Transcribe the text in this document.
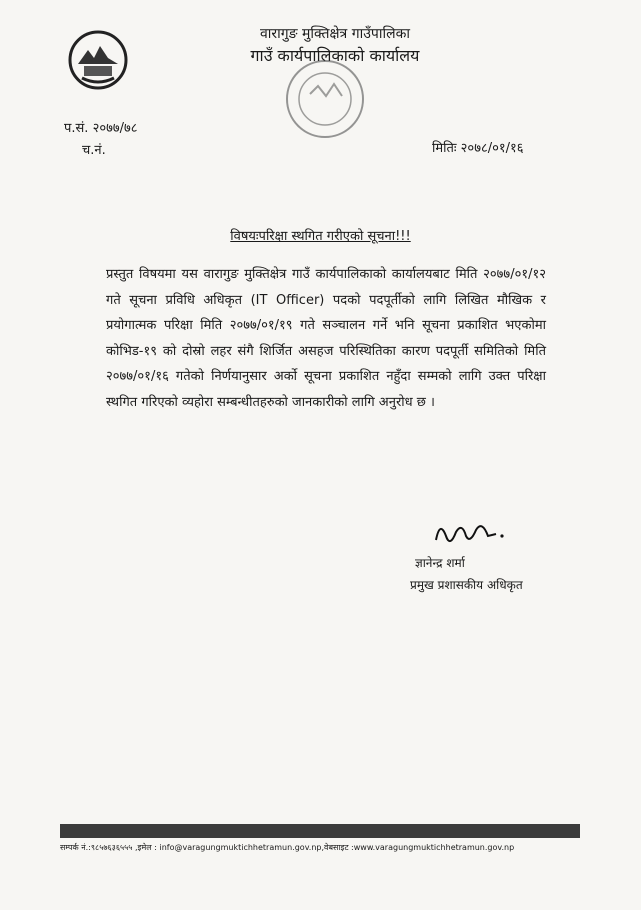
वारागुङ मुक्तिक्षेत्र गाउँपालिका
गाउँ कार्यपालिकाको कार्यालय
प.सं. २०७७/७८
च.नं.	मितिः २०७८/०१/१६
विषयःपरिक्षा स्थगित गरीएको सूचना!!!

प्रस्तुत विषयमा यस वारागुङ मुक्तिक्षेत्र गाउँ कार्यपालिकाको कार्यालयबाट मिति २०७७/०१/१२ गते सूचना प्रविधि अधिकृत (IT Officer) पदको पदपूर्तीको लागि लिखित मौखिक र प्रयोगात्मक परिक्षा मिति २०७७/०१/१९ गते सञ्चालन गर्ने भनि सूचना प्रकाशित भएकोमा कोभिड-१९ को दोस्रो लहर संगै शिर्जित असहज परिस्थितिका कारण पदपूर्ती समितिको मिति २०७७/०१/१६ गतेको निर्णयानुसार अर्को सूचना प्रकाशित नहुँदा सम्मको लागि उक्त परिक्षा स्थगित गरिएको व्यहोरा सम्बन्धीतहरुको जानकारीको लागि अनुरोध छ ।

ज्ञानेन्द्र शर्मा
प्रमुख प्रशासकीय अधिकृत
सम्पर्क नं.:९८५७६३६५५५ ,इमेल : info@varagungmuktichhetramun.gov.np,वेबसाइट :www.varagungmuktichhetramun.gov.np
